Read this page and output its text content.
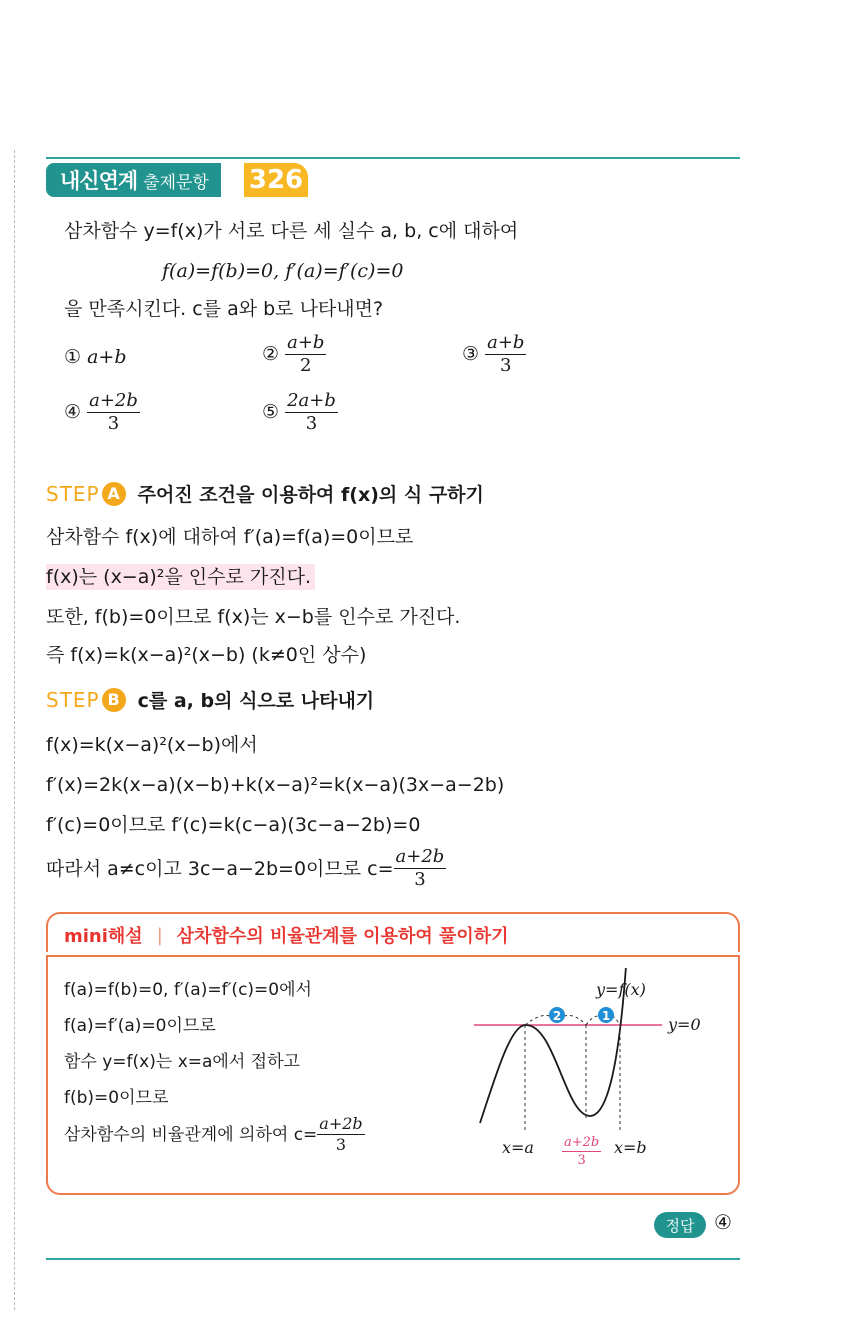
내신연계 출제문항 326
삼차함수 y=f(x)가 서로 다른 세 실수 a, b, c에 대하여
f(a)=f(b)=0, f′(a)=f′(c)=0
을 만족시킨다. c를 a와 b로 나타내면?
① a+b	② $\frac{a+b}{2}$	③ $\frac{a+b}{3}$
④ $\frac{a+2b}{3}$	⑤ $\frac{2a+b}{3}$
STEP A 주어진 조건을 이용하여 f(x)의 식 구하기
삼차함수 f(x)에 대하여 f′(a)=f(a)=0이므로
f(x)는 (x−a)²을 인수로 가진다.
또한, f(b)=0이므로 f(x)는 x−b를 인수로 가진다.
즉 f(x)=k(x−a)²(x−b) (k≠0인 상수)
STEP B c를 a, b의 식으로 나타내기
f(x)=k(x−a)²(x−b)에서
f′(x)=2k(x−a)(x−b)+k(x−a)²=k(x−a)(3x−a−2b)
f′(c)=0이므로 f′(c)=k(c−a)(3c−a−2b)=0
따라서 a≠c이고 3c−a−2b=0이므로 $c= \frac{a+2b}{3}$
mini해설 | 삼차함수의 비율관계를 이용하여 풀이하기
f(a)=f(b)=0, f′(a)=f′(c)=0에서
f(a)=f′(a)=0이므로
함수 y=f(x)는 x=a에서 접하고
f(b)=0이므로
삼차함수의 비율관계에 의하여 $c= \frac{a+2b}{3}$
2	1
y=f(x)
y=0
$x=a \frac{a+2b}{3} x=b$
정답 ④
